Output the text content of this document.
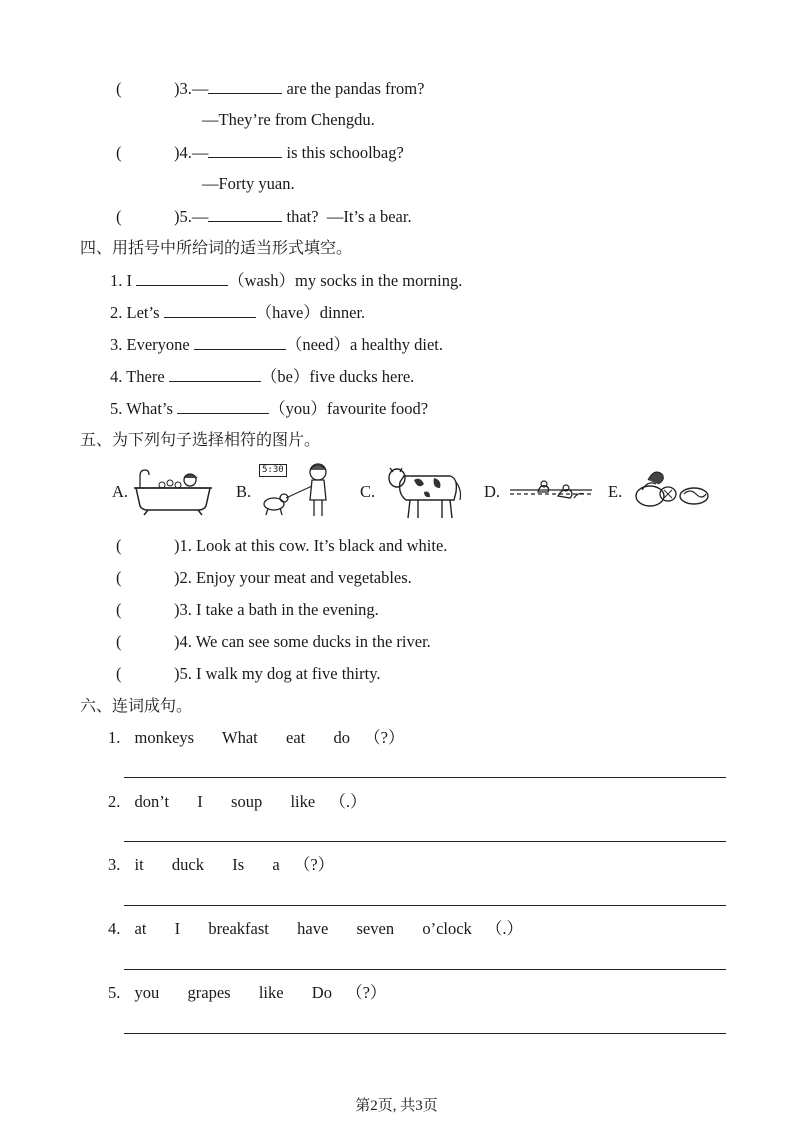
(	)3.—	are the pandas from?
—They’re from Chengdu.
(	)4.—	is this schoolbag?
—Forty yuan.
(	)5.—	that? —It’s a bear.
四、用括号中所给词的适当形式填空。
1. I	（wash）my socks in the morning.
2. Let’s	（have）dinner.
3. Everyone	（need）a healthy diet.
4. There	（be）five ducks here.
5. What’s	（you）favourite food?
五、为下列句子选择相符的图片。
A.	B.
5:30
C.	D.	E.
(	)1. Look at this cow. It’s black and white.
(	)2. Enjoy your meat and vegetables.
(	)3. I take a bath in the evening.
(	)4. We can see some ducks in the river.
(	)5. I walk my dog at five thirty.
六、连词成句。
1. monkeys  What  eat  do （?）
2. don’t  I  soup  like （.）
3. it  duck  Is  a （?）
4. at  I  breakfast  have  seven  o’clock （.）
5. you  grapes  like  Do （?）
第2页, 共3页
